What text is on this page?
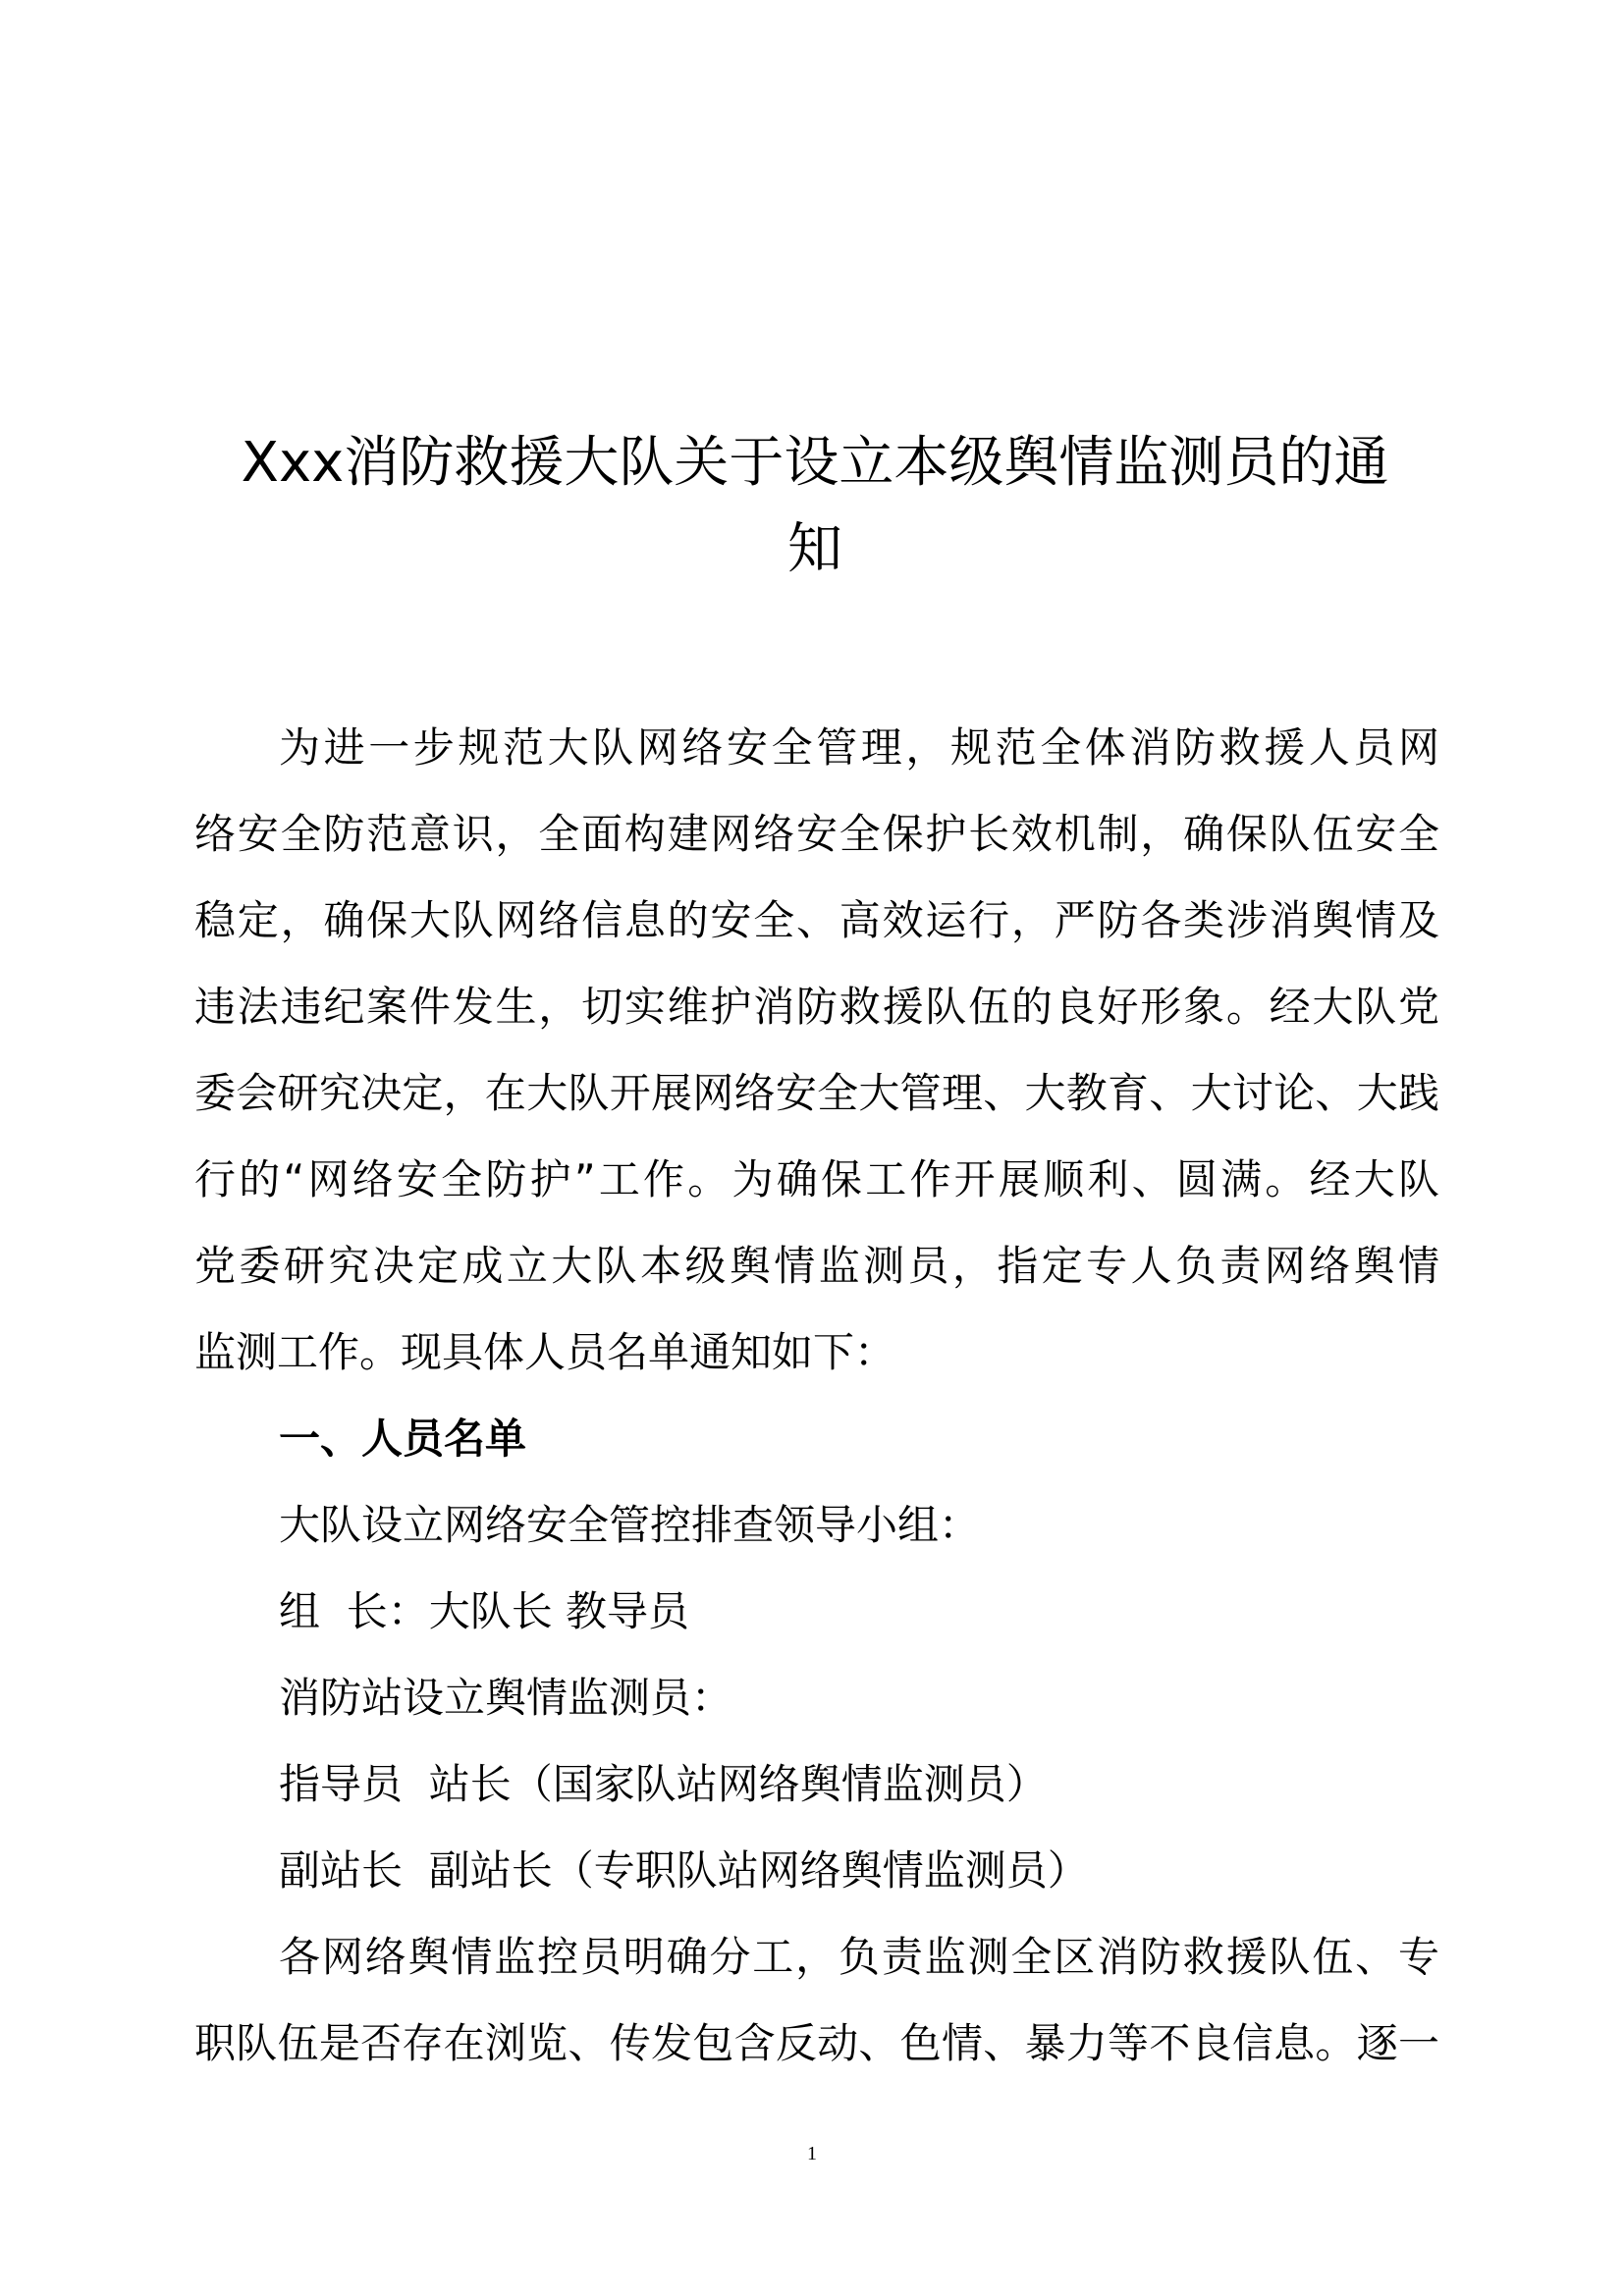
Xxx消防救援大队关于设立本级舆情监测员的通
知
为进一步规范大队网络安全管理，规范全体消防救援人员网
络安全防范意识，全面构建网络安全保护长效机制，确保队伍安全
稳定，确保大队网络信息的安全、高效运行，严防各类涉消舆情及
违法违纪案件发生，切实维护消防救援队伍的良好形象。经大队党
委会研究决定，在大队开展网络安全大管理、大教育、大讨论、大践
行的“网络安全防护”工作。为确保工作开展顺利、圆满。经大队
党委研究决定成立大队本级舆情监测员，指定专人负责网络舆情
监测工作。现具体人员名单通知如下：
一、人员名单
大队设立网络安全管控排查领导小组：
组  长：大队长 教导员
消防站设立舆情监测员：
指导员  站长（国家队站网络舆情监测员）
副站长  副站长（专职队站网络舆情监测员）
各网络舆情监控员明确分工，负责监测全区消防救援队伍、专
职队伍是否存在浏览、传发包含反动、色情、暴力等不良信息。逐一
1
